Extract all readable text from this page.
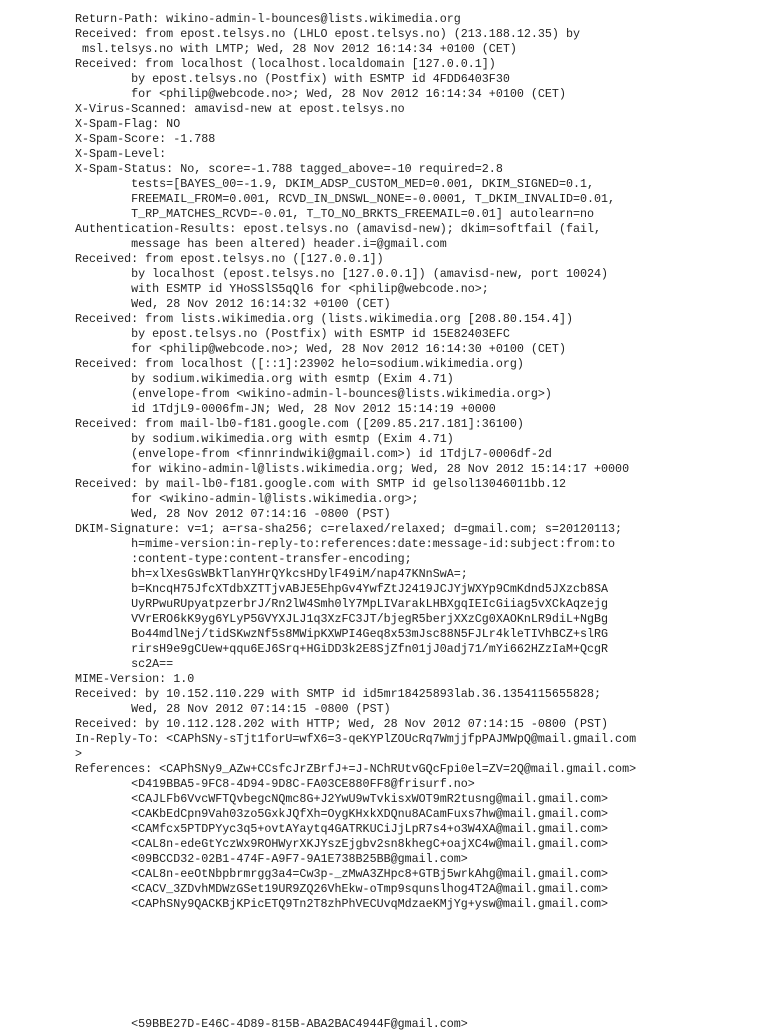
Return-Path: wikino-admin-l-bounces@lists.wikimedia.org
Received: from epost.telsys.no (LHLO epost.telsys.no) (213.188.12.35) by
msl.telsys.no with LMTP; Wed, 28 Nov 2012 16:14:34 +0100 (CET)
Received: from localhost (localhost.localdomain [127.0.0.1])
by epost.telsys.no (Postfix) with ESMTP id 4FDD6403F30
for <philip@webcode.no>; Wed, 28 Nov 2012 16:14:34 +0100 (CET)
X-Virus-Scanned: amavisd-new at epost.telsys.no
X-Spam-Flag: NO
X-Spam-Score: -1.788
X-Spam-Level:
X-Spam-Status: No, score=-1.788 tagged_above=-10 required=2.8
tests=[BAYES_00=-1.9, DKIM_ADSP_CUSTOM_MED=0.001, DKIM_SIGNED=0.1,
FREEMAIL_FROM=0.001, RCVD_IN_DNSWL_NONE=-0.0001, T_DKIM_INVALID=0.01,
T_RP_MATCHES_RCVD=-0.01, T_TO_NO_BRKTS_FREEMAIL=0.01] autolearn=no
Authentication-Results: epost.telsys.no (amavisd-new); dkim=softfail (fail,
message has been altered) header.i=@gmail.com
Received: from epost.telsys.no ([127.0.0.1])
by localhost (epost.telsys.no [127.0.0.1]) (amavisd-new, port 10024)
with ESMTP id YHoSSlS5qQl6 for <philip@webcode.no>;
Wed, 28 Nov 2012 16:14:32 +0100 (CET)
Received: from lists.wikimedia.org (lists.wikimedia.org [208.80.154.4])
by epost.telsys.no (Postfix) with ESMTP id 15E82403EFC
for <philip@webcode.no>; Wed, 28 Nov 2012 16:14:30 +0100 (CET)
Received: from localhost ([::1]:23902 helo=sodium.wikimedia.org)
by sodium.wikimedia.org with esmtp (Exim 4.71)
(envelope-from <wikino-admin-l-bounces@lists.wikimedia.org>)
id 1TdjL9-0006fm-JN; Wed, 28 Nov 2012 15:14:19 +0000
Received: from mail-lb0-f181.google.com ([209.85.217.181]:36100)
by sodium.wikimedia.org with esmtp (Exim 4.71)
(envelope-from <finnrindwiki@gmail.com>) id 1TdjL7-0006df-2d
for wikino-admin-l@lists.wikimedia.org; Wed, 28 Nov 2012 15:14:17 +0000
Received: by mail-lb0-f181.google.com with SMTP id gelsol13046011bb.12
for <wikino-admin-l@lists.wikimedia.org>;
Wed, 28 Nov 2012 07:14:16 -0800 (PST)
DKIM-Signature: v=1; a=rsa-sha256; c=relaxed/relaxed; d=gmail.com; s=20120113;
h=mime-version:in-reply-to:references:date:message-id:subject:from:to
:content-type:content-transfer-encoding;
bh=xlXesGsWBkTlanYHrQYkcsHDylF49iM/nap47KNnSwA=;
b=KncqH75JfcXTdbXZTTjvABJE5EhpGv4YwfZtJ2419JCJYjWXYp9CmKdnd5JXzcb8SA
UyRPwuRUpyatpzerbrJ/Rn2lW4Smh0lY7MpLIVarakLHBXgqIEIcGiiag5vXCkAqzejg
VVrERO6kK9yg6YLyP5GVYXJLJ1q3XzFC3JT/bjegR5berjXXzCg0XAOKnLR9diL+NgBg
Bo44mdlNej/tidSKwzNf5s8MWipKXWPI4Geq8x53mJsc88N5FJLr4kleTIVhBCZ+slRG
rirsH9e9gCUew+qqu6EJ6Srq+HGiDD3k2E8SjZfn01jJ0adj71/mYi662HZzIaM+QcgR
sc2A==
MIME-Version: 1.0
Received: by 10.152.110.229 with SMTP id id5mr18425893lab.36.1354115655828;
Wed, 28 Nov 2012 07:14:15 -0800 (PST)
Received: by 10.112.128.202 with HTTP; Wed, 28 Nov 2012 07:14:15 -0800 (PST)
In-Reply-To: <CAPhSNy-sTjt1forU=wfX6=3-qeKYPlZOUcRq7WmjjfpPAJMWpQ@mail.gmail.com
>
References: <CAPhSNy9_AZw+CCsfcJrZBrfJ+=J-NChRUtvGQcFpi0el=ZV=2Q@mail.gmail.com>
<D419BBA5-9FC8-4D94-9D8C-FA03CE880FF8@frisurf.no>
<CAJLFb6VvcWFTQvbegcNQmc8G+J2YwU9wTvkisxWOT9mR2tusng@mail.gmail.com>
<CAKbEdCpn9Vah03zo5GxkJQfXh=OygKHxkXDQnu8ACamFuxs7hw@mail.gmail.com>
<CAMfcx5PTDPYyc3q5+ovtAYaytq4GATRKUCiJjLpR7s4+o3W4XA@mail.gmail.com>
<CAL8n-edeGtYczWx9ROHWyrXKJYszEjgbv2sn8khegC+oajXC4w@mail.gmail.com>
<09BCCD32-02B1-474F-A9F7-9A1E738B25BB@gmail.com>
<CAL8n-eeOtNbpbrmrgg3a4=Cw3p-_zMwA3ZHpc8+GTBj5wrkAhg@mail.gmail.com>
<CACV_3ZDvhMDWzGSet19UR9ZQ26VhEkw-oTmp9squnslhog4T2A@mail.gmail.com>
<CAPhSNy9QACKBjKPicETQ9Tn2T8zhPhVECUvqMdzaeKMjYg+ysw@mail.gmail.com>
<59BBE27D-E46C-4D89-815B-ABA2BAC4944F@gmail.com>
